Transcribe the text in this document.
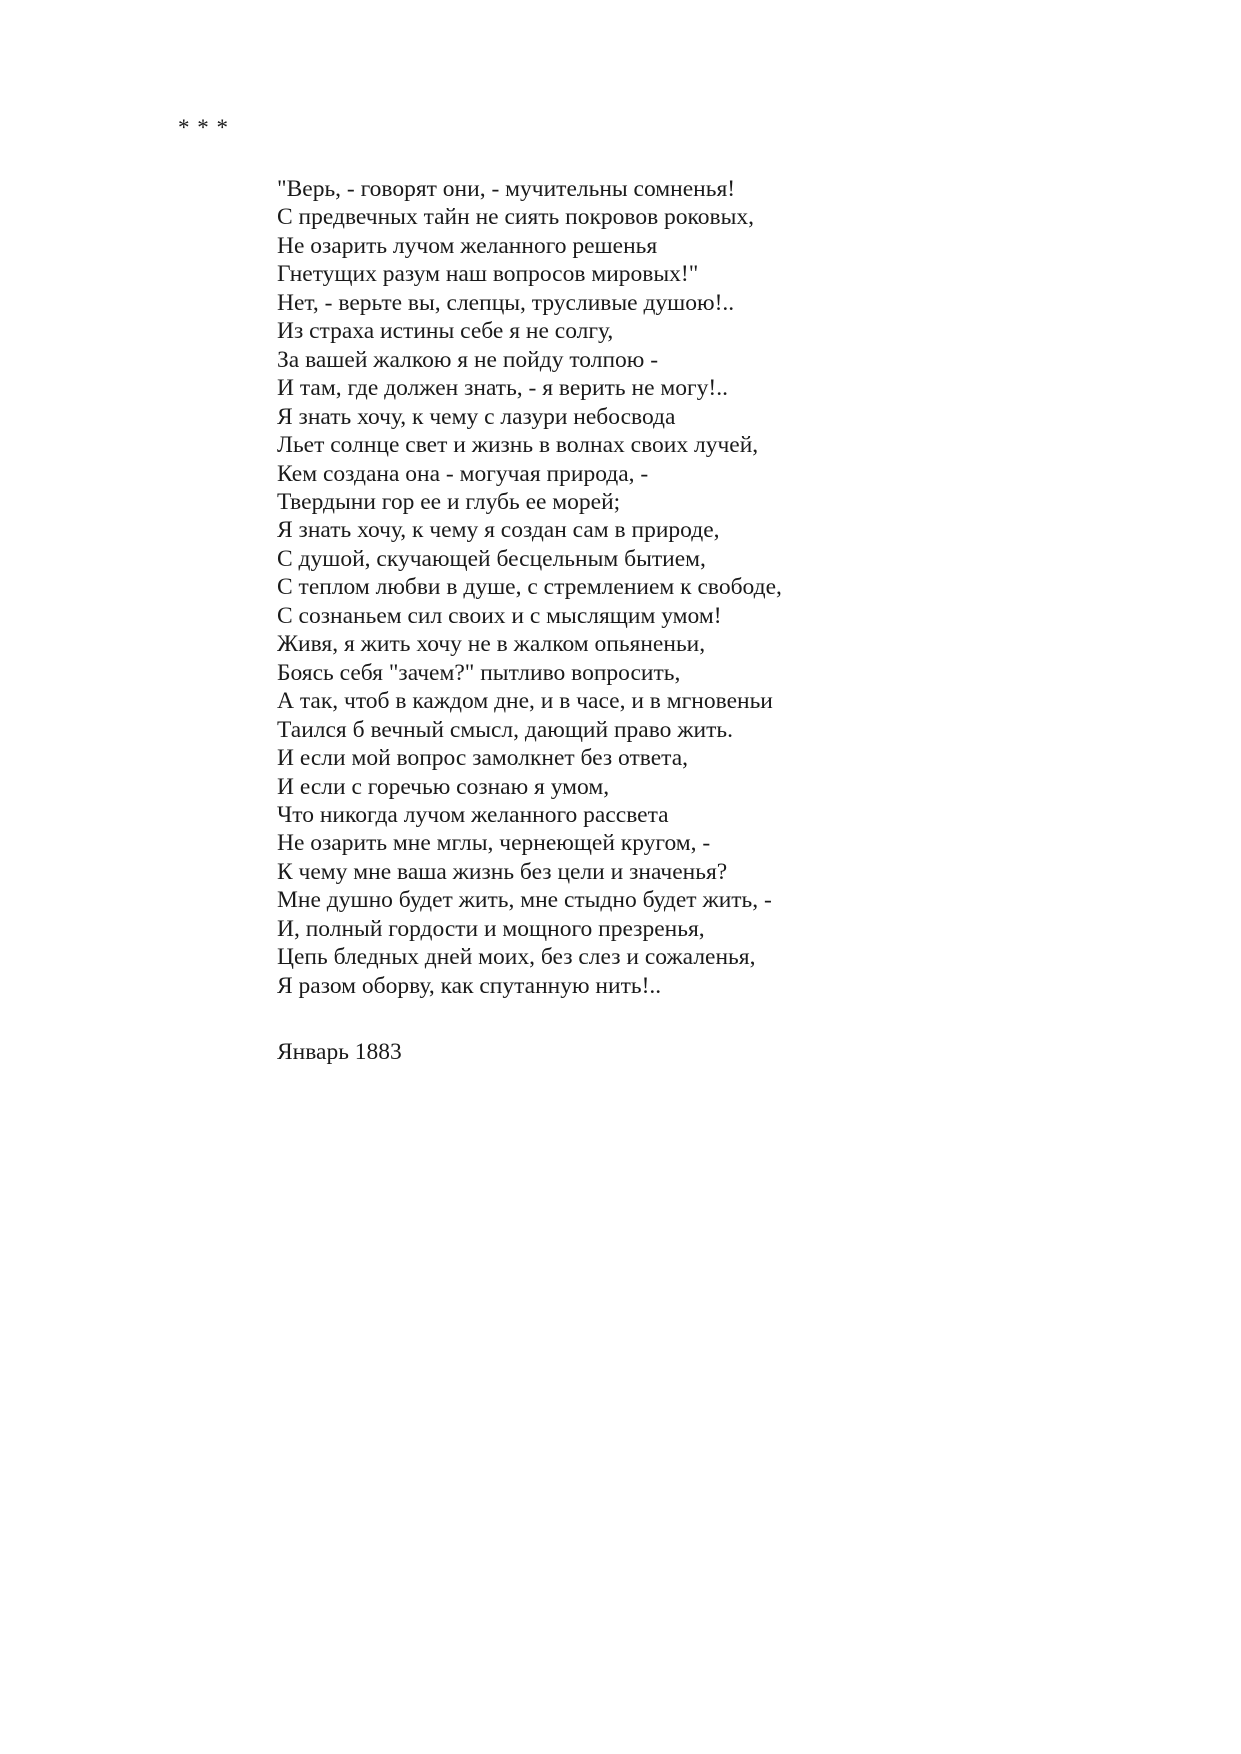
* * *
"Верь, - говорят они, - мучительны сомненья!
С предвечных тайн не сиять покровов роковых,
Не озарить лучом желанного решенья
Гнетущих разум наш вопросов мировых!"
Нет, - верьте вы, слепцы, трусливые душою!..
Из страха истины себе я не солгу,
За вашей жалкою я не пойду толпою -
И там, где должен знать, - я верить не могу!..
Я знать хочу, к чему с лазури небосвода
Льет солнце свет и жизнь в волнах своих лучей,
Кем создана она - могучая природа, -
Твердыни гор ее и глубь ее морей;
Я знать хочу, к чему я создан сам в природе,
С душой, скучающей бесцельным бытием,
С теплом любви в душе, с стремлением к свободе,
С сознаньем сил своих и с мыслящим умом!
Живя, я жить хочу не в жалком опьяненьи,
Боясь себя "зачем?" пытливо вопросить,
А так, чтоб в каждом дне, и в часе, и в мгновеньи
Таился б вечный смысл, дающий право жить.
И если мой вопрос замолкнет без ответа,
И если с горечью сознаю я умом,
Что никогда лучом желанного рассвета
Не озарить мне мглы, чернеющей кругом, -
К чему мне ваша жизнь без цели и значенья?
Мне душно будет жить, мне стыдно будет жить, -
И, полный гордости и мощного презренья,
Цепь бледных дней моих, без слез и сожаленья,
Я разом оборву, как спутанную нить!..
Январь 1883
